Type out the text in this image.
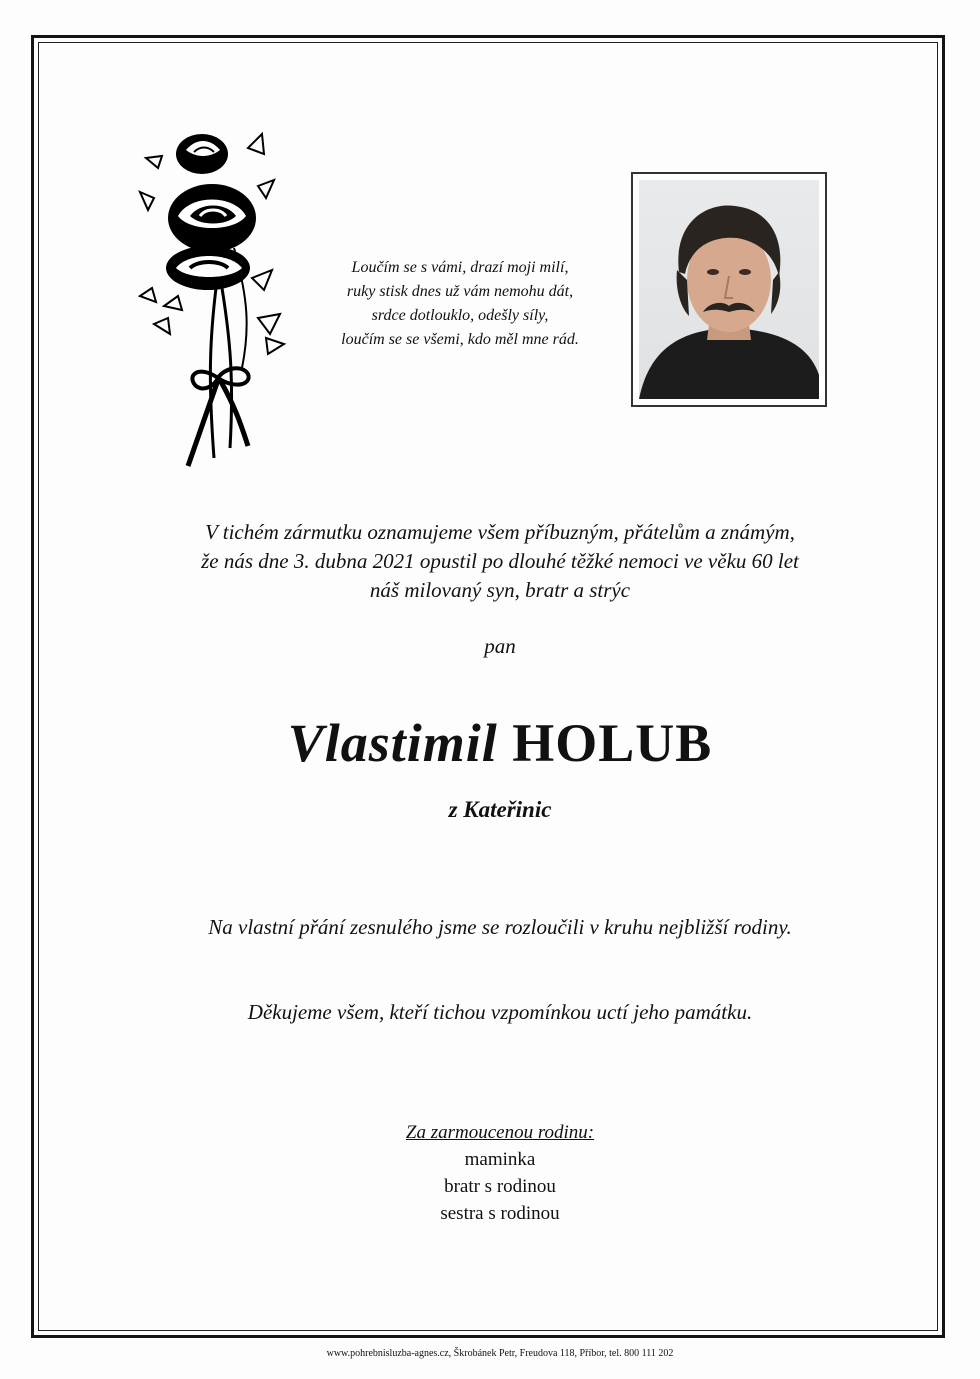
Loučím se s vámi, drazí moji milí,
ruky stisk dnes už vám nemohu dát,
srdce dotlouklo, odešly síly,
loučím se se všemi, kdo měl mne rád.
V tichém zármutku oznamujeme všem příbuzným, přátelům a známým,
že nás dne 3. dubna 2021 opustil po dlouhé těžké nemoci ve věku 60 let
náš milovaný syn, bratr a strýc
pan
Vlastimil HOLUB
z Kateřinic
Na vlastní přání zesnulého jsme se rozloučili v kruhu nejbližší rodiny.
Děkujeme všem, kteří tichou vzpomínkou uctí jeho památku.
Za zarmoucenou rodinu:
maminka
bratr s rodinou
sestra s rodinou
www.pohrebnisluzba-agnes.cz, Škrobánek Petr, Freudova 118, Příbor, tel. 800 111 202
